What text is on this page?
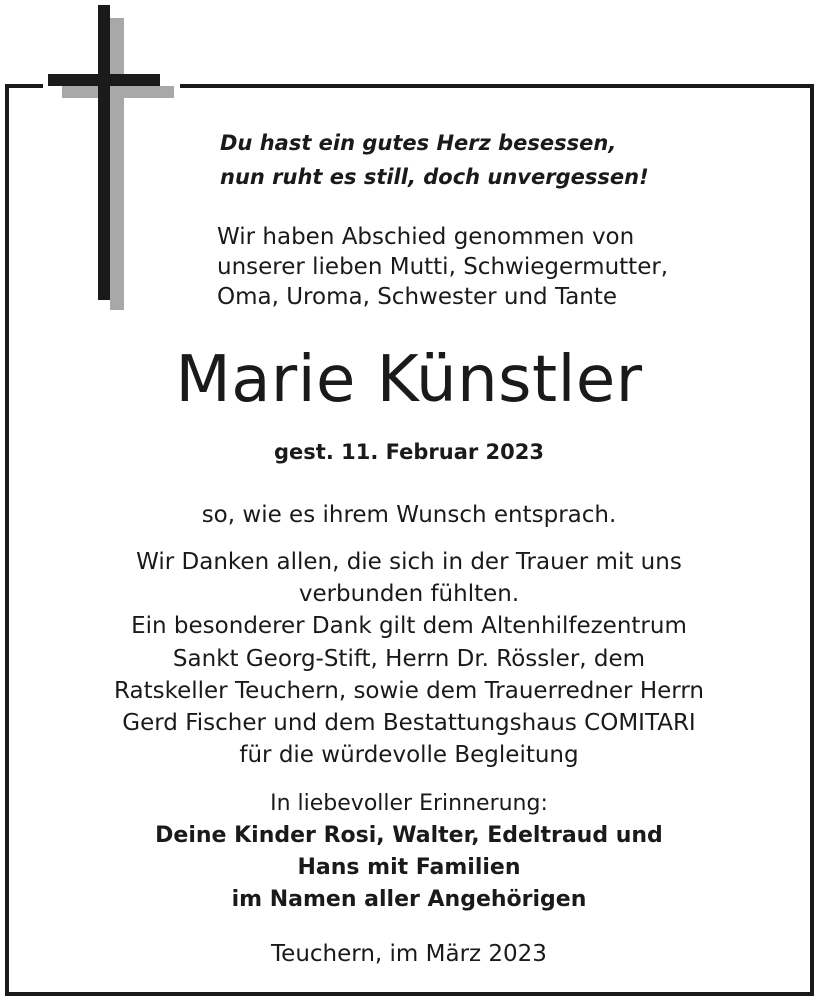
Du hast ein gutes Herz besessen,
nun ruht es still, doch unvergessen!
Wir haben Abschied genommen von
unserer lieben Mutti, Schwiegermutter,
Oma, Uroma, Schwester und Tante
Marie Künstler
gest. 11. Februar 2023
so, wie es ihrem Wunsch entsprach.
Wir Danken allen, die sich in der Trauer mit uns
verbunden fühlten.
Ein besonderer Dank gilt dem Altenhilfezentrum
Sankt Georg-Stift, Herrn Dr. Rössler, dem
Ratskeller Teuchern, sowie dem Trauerredner Herrn
Gerd Fischer und dem Bestattungshaus COMITARI
für die würdevolle Begleitung
In liebevoller Erinnerung:
Deine Kinder Rosi, Walter, Edeltraud und
Hans mit Familien
im Namen aller Angehörigen
Teuchern, im März 2023
